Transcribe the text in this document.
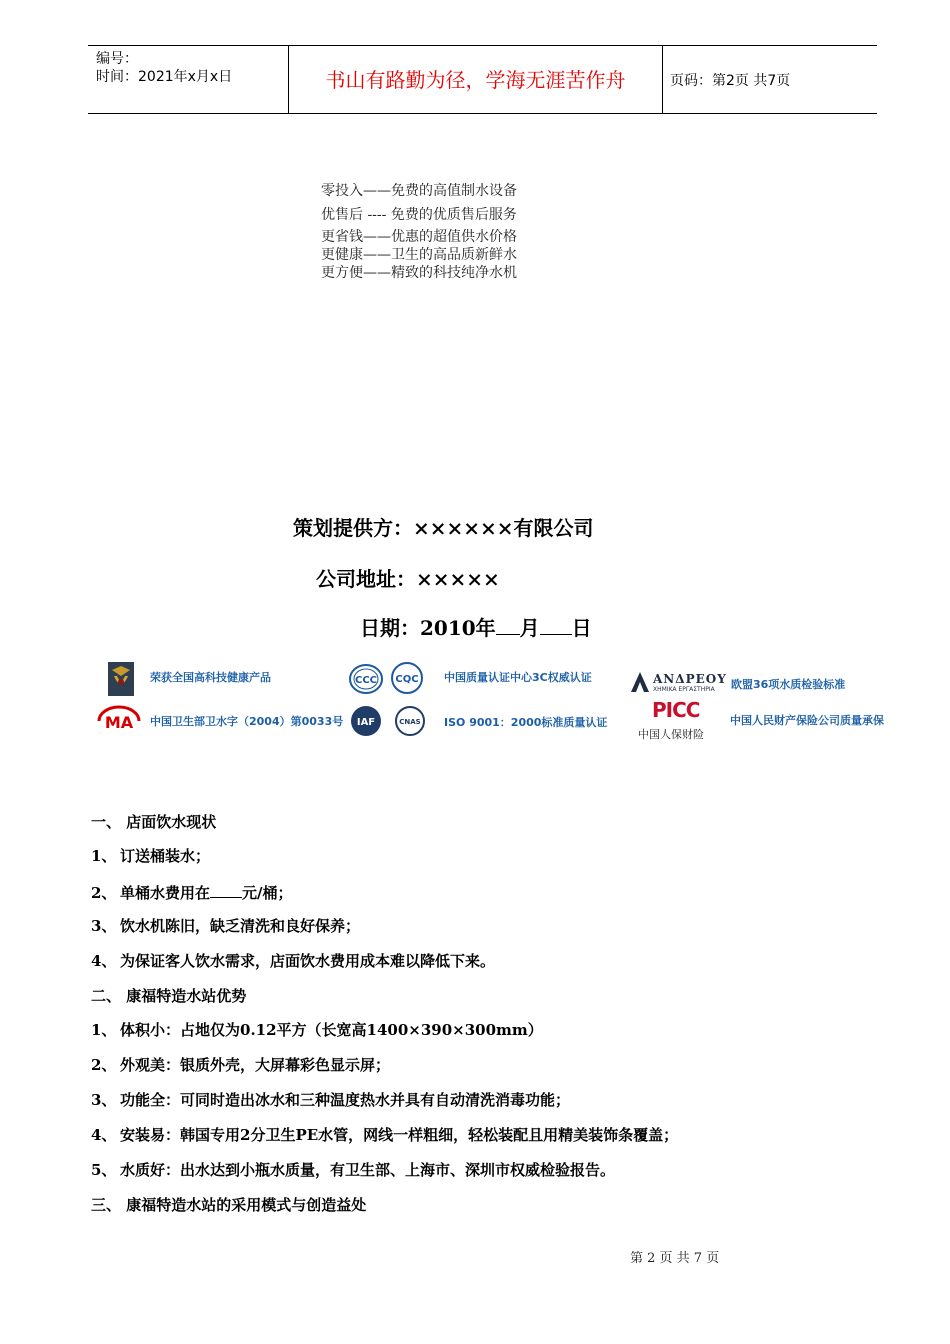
编号：
时间：2021年x月x日	书山有路勤为径，学海无涯苦作舟	页码：第2页 共7页
零投入——免费的高值制水设备
优售后 ---- 免费的优质售后服务
更省钱——优惠的超值供水价格
更健康——卫生的高品质新鲜水
更方便——精致的科技纯净水机
策划提供方：××××××有限公司
公司地址：×××××
日期：2010年 月 日
荣获全国高科技健康产品	CCC CQC 中国质量认证中心3C权威认证	ANΔPEOY
XHMIKA ΕΡΓΑΣΤΗΡΙΑ 欧盟36项水质检验标准
MA 中国卫生部卫水字（2004）第0033号 IAF	CNAS ISO 9001：2000标准质量认证
PICC
中国人保财险
中国人民财产保险公司质量承保
一、 店面饮水现状
1、 订送桶装水；
2、 单桶水费用在 元/桶；
3、 饮水机陈旧，缺乏清洗和良好保养；
4、 为保证客人饮水需求，店面饮水费用成本难以降低下来。
二、 康福特造水站优势
1、 体积小：占地仅为0.12平方（长宽高1400×390×300mm）
2、 外观美：银质外壳，大屏幕彩色显示屏；
3、 功能全：可同时造出冰水和三种温度热水并具有自动清洗消毒功能；
4、 安装易：韩国专用2分卫生PE水管，网线一样粗细，轻松装配且用精美装饰条覆盖；
5、 水质好：出水达到小瓶水质量，有卫生部、上海市、深圳市权威检验报告。
三、 康福特造水站的采用模式与创造益处
第 2 页 共 7 页
